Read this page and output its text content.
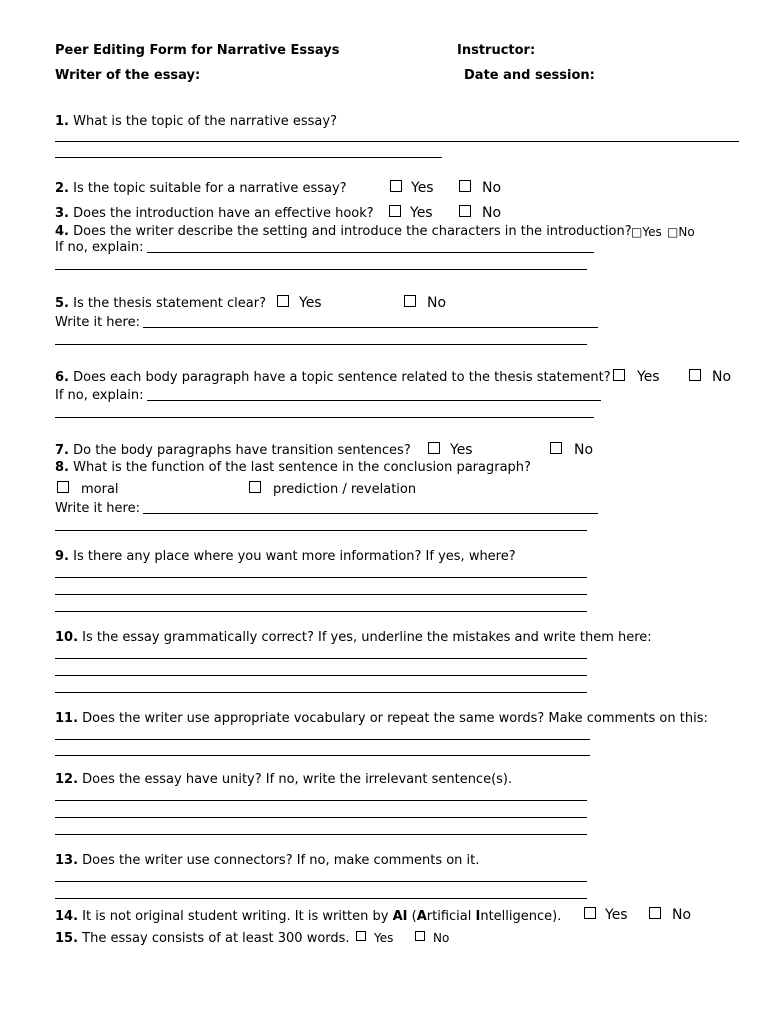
Peer Editing Form for Narrative Essays	Instructor:
Writer of the essay:	Date and session:
1. What is the topic of the narrative essay?
2. Is the topic suitable for a narrative essay?	Yes	No
3. Does the introduction have an effective hook?	Yes	No
4. Does the writer describe the setting and introduce the characters in the introduction? □Yes □No
If no, explain:
5. Is the thesis statement clear? Yes	No
Write it here:
6. Does each body paragraph have a topic sentence related to the thesis statement? Yes	No
If no, explain:
7. Do the body paragraphs have transition sentences?	Yes	No
8. What is the function of the last sentence in the conclusion paragraph?
moral	prediction / revelation
Write it here:
9. Is there any place where you want more information? If yes, where?
10. Is the essay grammatically correct? If yes, underline the mistakes and write them here:
11. Does the writer use appropriate vocabulary or repeat the same words? Make comments on this:
12. Does the essay have unity? If no, write the irrelevant sentence(s).
13. Does the writer use connectors? If no, make comments on it.
14. It is not original student writing. It is written by AI (Artificial Intelligence).	Yes	No
15. The essay consists of at least 300 words. Yes	No
